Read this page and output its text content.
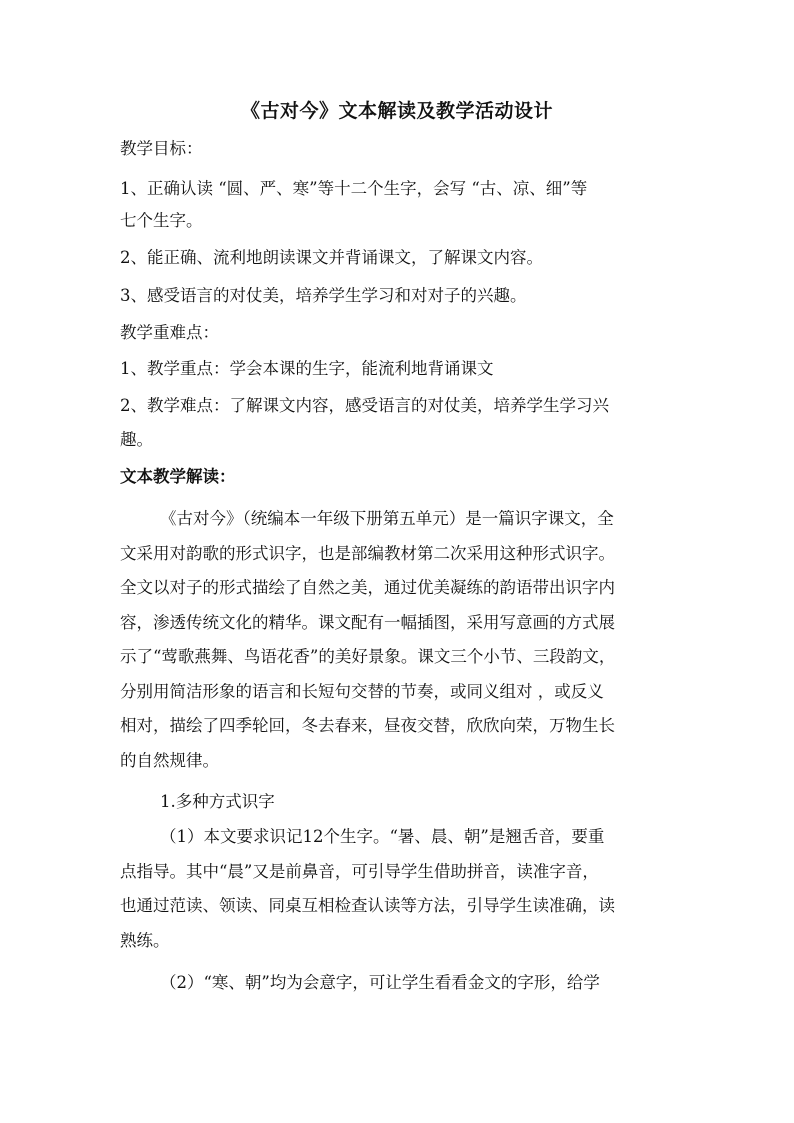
《古对今》文本解读及教学活动设计
教学目标：
1、正确认读 “圆、严、寒”等十二个生字，会写 “古、凉、细”等
七个生字。
2、能正确、流利地朗读课文并背诵课文，了解课文内容。
3、感受语言的对仗美，培养学生学习和对对子的兴趣。
教学重难点：
1、教学重点：学会本课的生字，能流利地背诵课文
2、教学难点：了解课文内容，感受语言的对仗美，培养学生学习兴
趣。
文本教学解读：
《古对今》（统编本一年级下册第五单元）是一篇识字课文，全
文采用对韵歌的形式识字，也是部编教材第二次采用这种形式识字。
全文以对子的形式描绘了自然之美，通过优美凝练的韵语带出识字内
容，渗透传统文化的精华。课文配有一幅插图，采用写意画的方式展
示了“莺歌燕舞、鸟语花香”的美好景象。课文三个小节、三段韵文，
分别用简洁形象的语言和长短句交替的节奏，或同义组对 ，或反义
相对，描绘了四季轮回，冬去春来，昼夜交替，欣欣向荣，万物生长
的自然规律。
1.多种方式识字
（1）本文要求识记12个生字。“暑、晨、朝”是翘舌音，要重
点指导。其中“晨”又是前鼻音，可引导学生借助拼音，读准字音，
也通过范读、领读、同桌互相检查认读等方法，引导学生读准确，读
熟练。
（2）“寒、朝”均为会意字，可让学生看看金文的字形，给学
